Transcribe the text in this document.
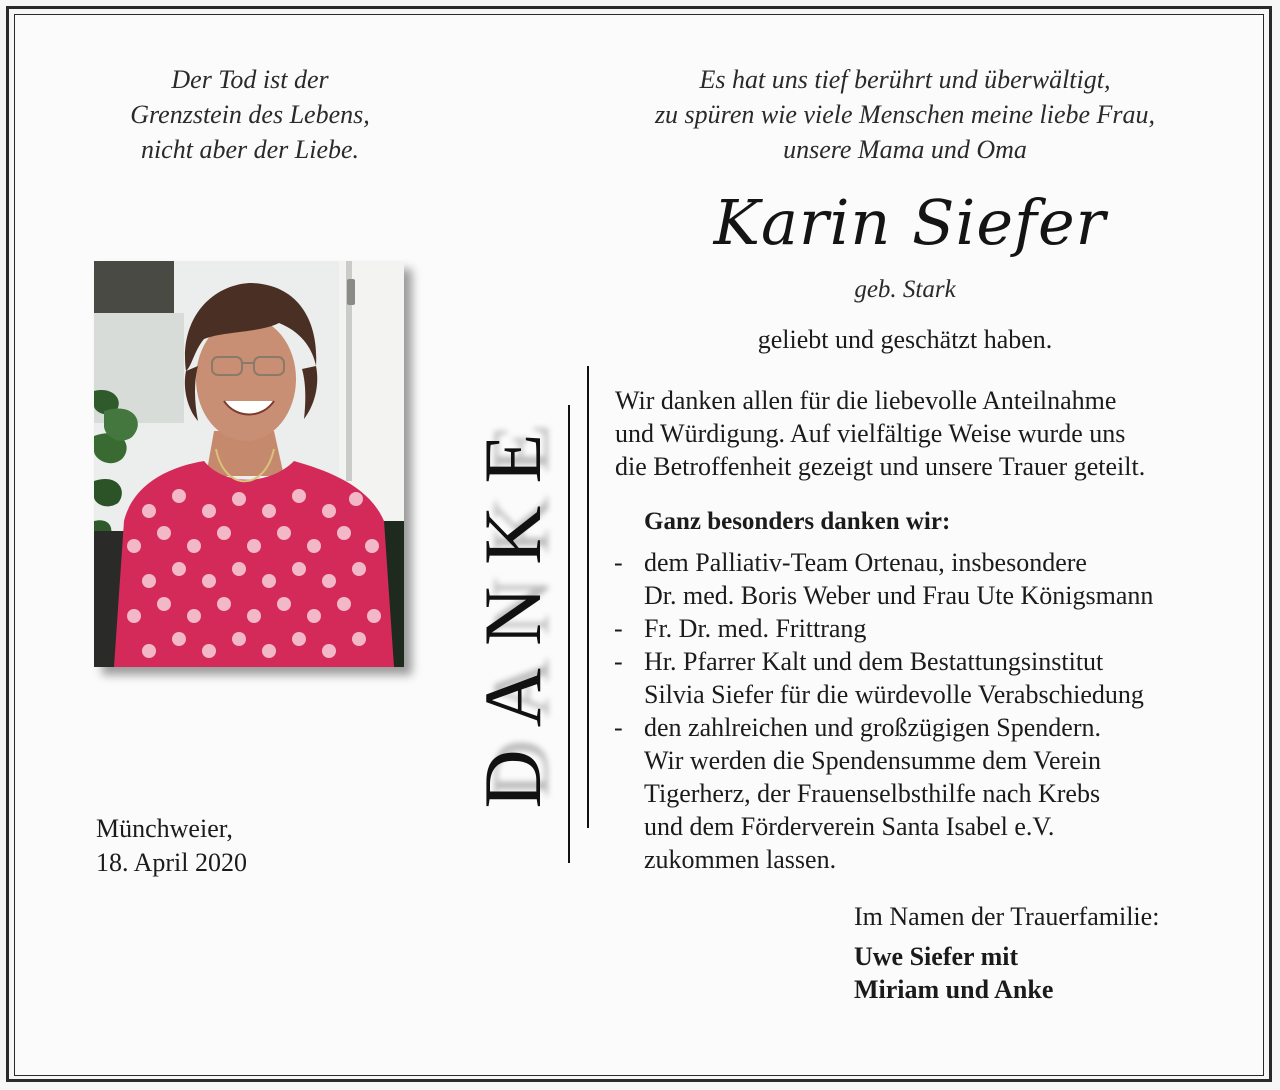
Der Tod ist der
Grenzstein des Lebens,
nicht aber der Liebe.
Es hat uns tief berührt und überwältigt,
zu spüren wie viele Menschen meine liebe Frau,
unsere Mama und Oma
Karin Siefer
geb. Stark
geliebt und geschätzt haben.
DANKE
Wir danken allen für die liebevolle Anteilnahme
und Würdigung. Auf vielfältige Weise wurde uns
die Betroffenheit gezeigt und unsere Trauer geteilt.
Ganz besonders danken wir:
- dem Palliativ-Team Ortenau, insbesondere
Dr. med. Boris Weber und Frau Ute Königsmann
- Fr. Dr. med. Frittrang
- Hr. Pfarrer Kalt und dem Bestattungsinstitut
Silvia Siefer für die würdevolle Verabschiedung
- den zahlreichen und großzügigen Spendern.
Wir werden die Spendensumme dem Verein
Tigerherz, der Frauenselbsthilfe nach Krebs
und dem Förderverein Santa Isabel e.V.
zukommen lassen.
Münchweier,
18. April 2020
Im Namen der Trauerfamilie:
Uwe Siefer mit
Miriam und Anke
